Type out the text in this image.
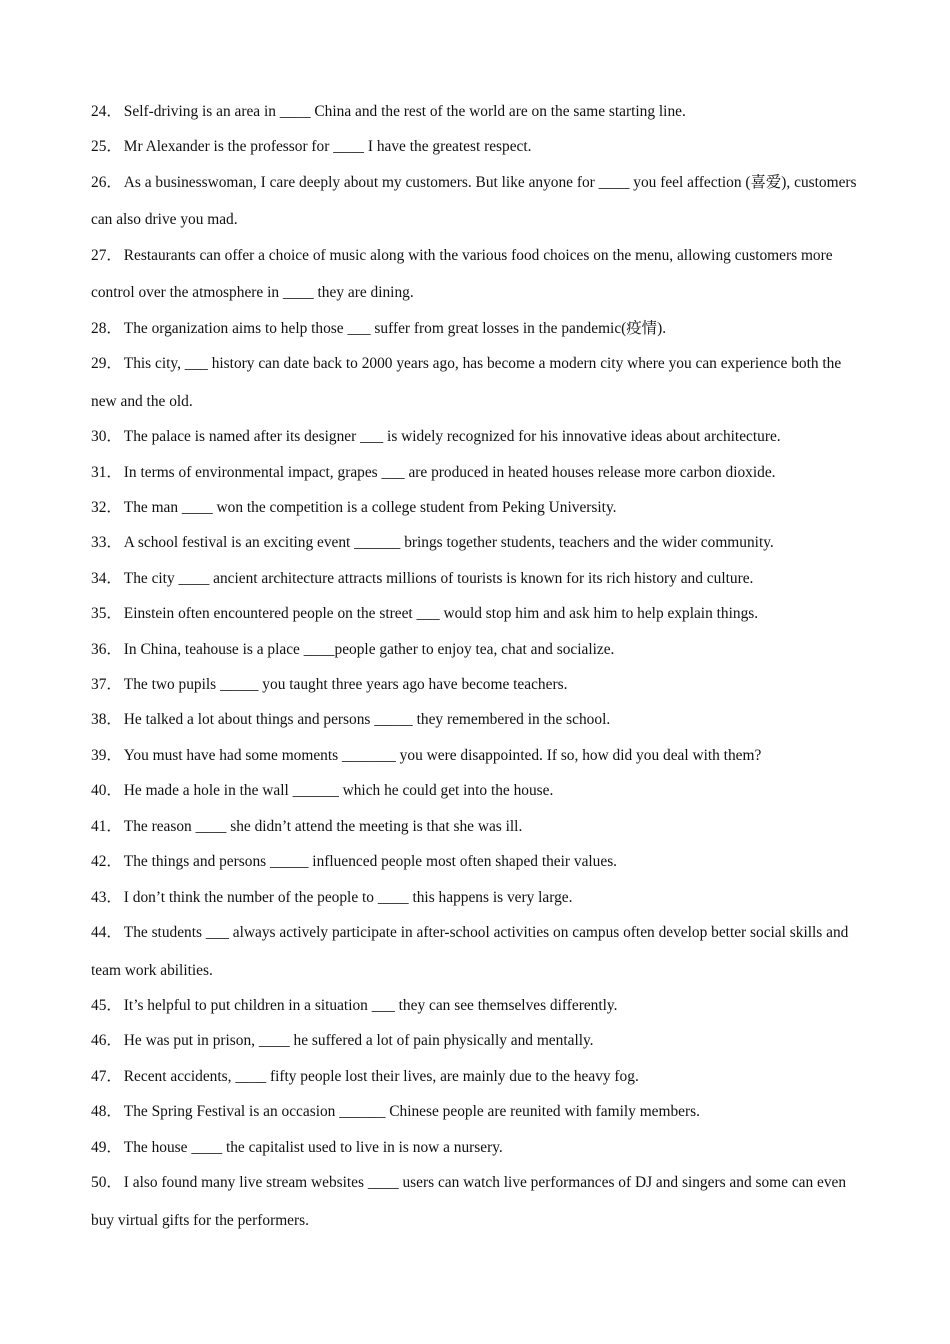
24． Self-driving is an area in ____ China and the rest of the world are on the same starting line.
25． Mr Alexander is the professor for ____ I have the greatest respect.
26． As a businesswoman, I care deeply about my customers. But like anyone for ____ you feel affection (喜爱), customers can also drive you mad.
27． Restaurants can offer a choice of music along with the various food choices on the menu, allowing customers more control over the atmosphere in ____ they are dining.
28． The organization aims to help those ___ suffer from great losses in the pandemic(疫情).
29． This city, ___ history can date back to 2000 years ago, has become a modern city where you can experience both the new and the old.
30． The palace is named after its designer ___ is widely recognized for his innovative ideas about architecture.
31． In terms of environmental impact, grapes ___ are produced in heated houses release more carbon dioxide.
32． The man ____ won the competition is a college student from Peking University.
33． A school festival is an exciting event ______ brings together students, teachers and the wider community.
34． The city ____ ancient architecture attracts millions of tourists is known for its rich history and culture.
35． Einstein often encountered people on the street ___ would stop him and ask him to help explain things.
36． In China, teahouse is a place ____people gather to enjoy tea, chat and socialize.
37． The two pupils _____ you taught three years ago have become teachers.
38． He talked a lot about things and persons _____ they remembered in the school.
39． You must have had some moments _______ you were disappointed. If so, how did you deal with them?
40． He made a hole in the wall ______ which he could get into the house.
41． The reason ____ she didn’t attend the meeting is that she was ill.
42． The things and persons _____ influenced people most often shaped their values.
43． I don’t think the number of the people to ____ this happens is very large.
44． The students ___ always actively participate in after-school activities on campus often develop better social skills and team work abilities.
45． It’s helpful to put children in a situation ___ they can see themselves differently.
46． He was put in prison, ____ he suffered a lot of pain physically and mentally.
47． Recent accidents, ____ fifty people lost their lives, are mainly due to the heavy fog.
48． The Spring Festival is an occasion ______ Chinese people are reunited with family members.
49． The house ____ the capitalist used to live in is now a nursery.
50． I also found many live stream websites ____ users can watch live performances of DJ and singers and some can even buy virtual gifts for the performers.
